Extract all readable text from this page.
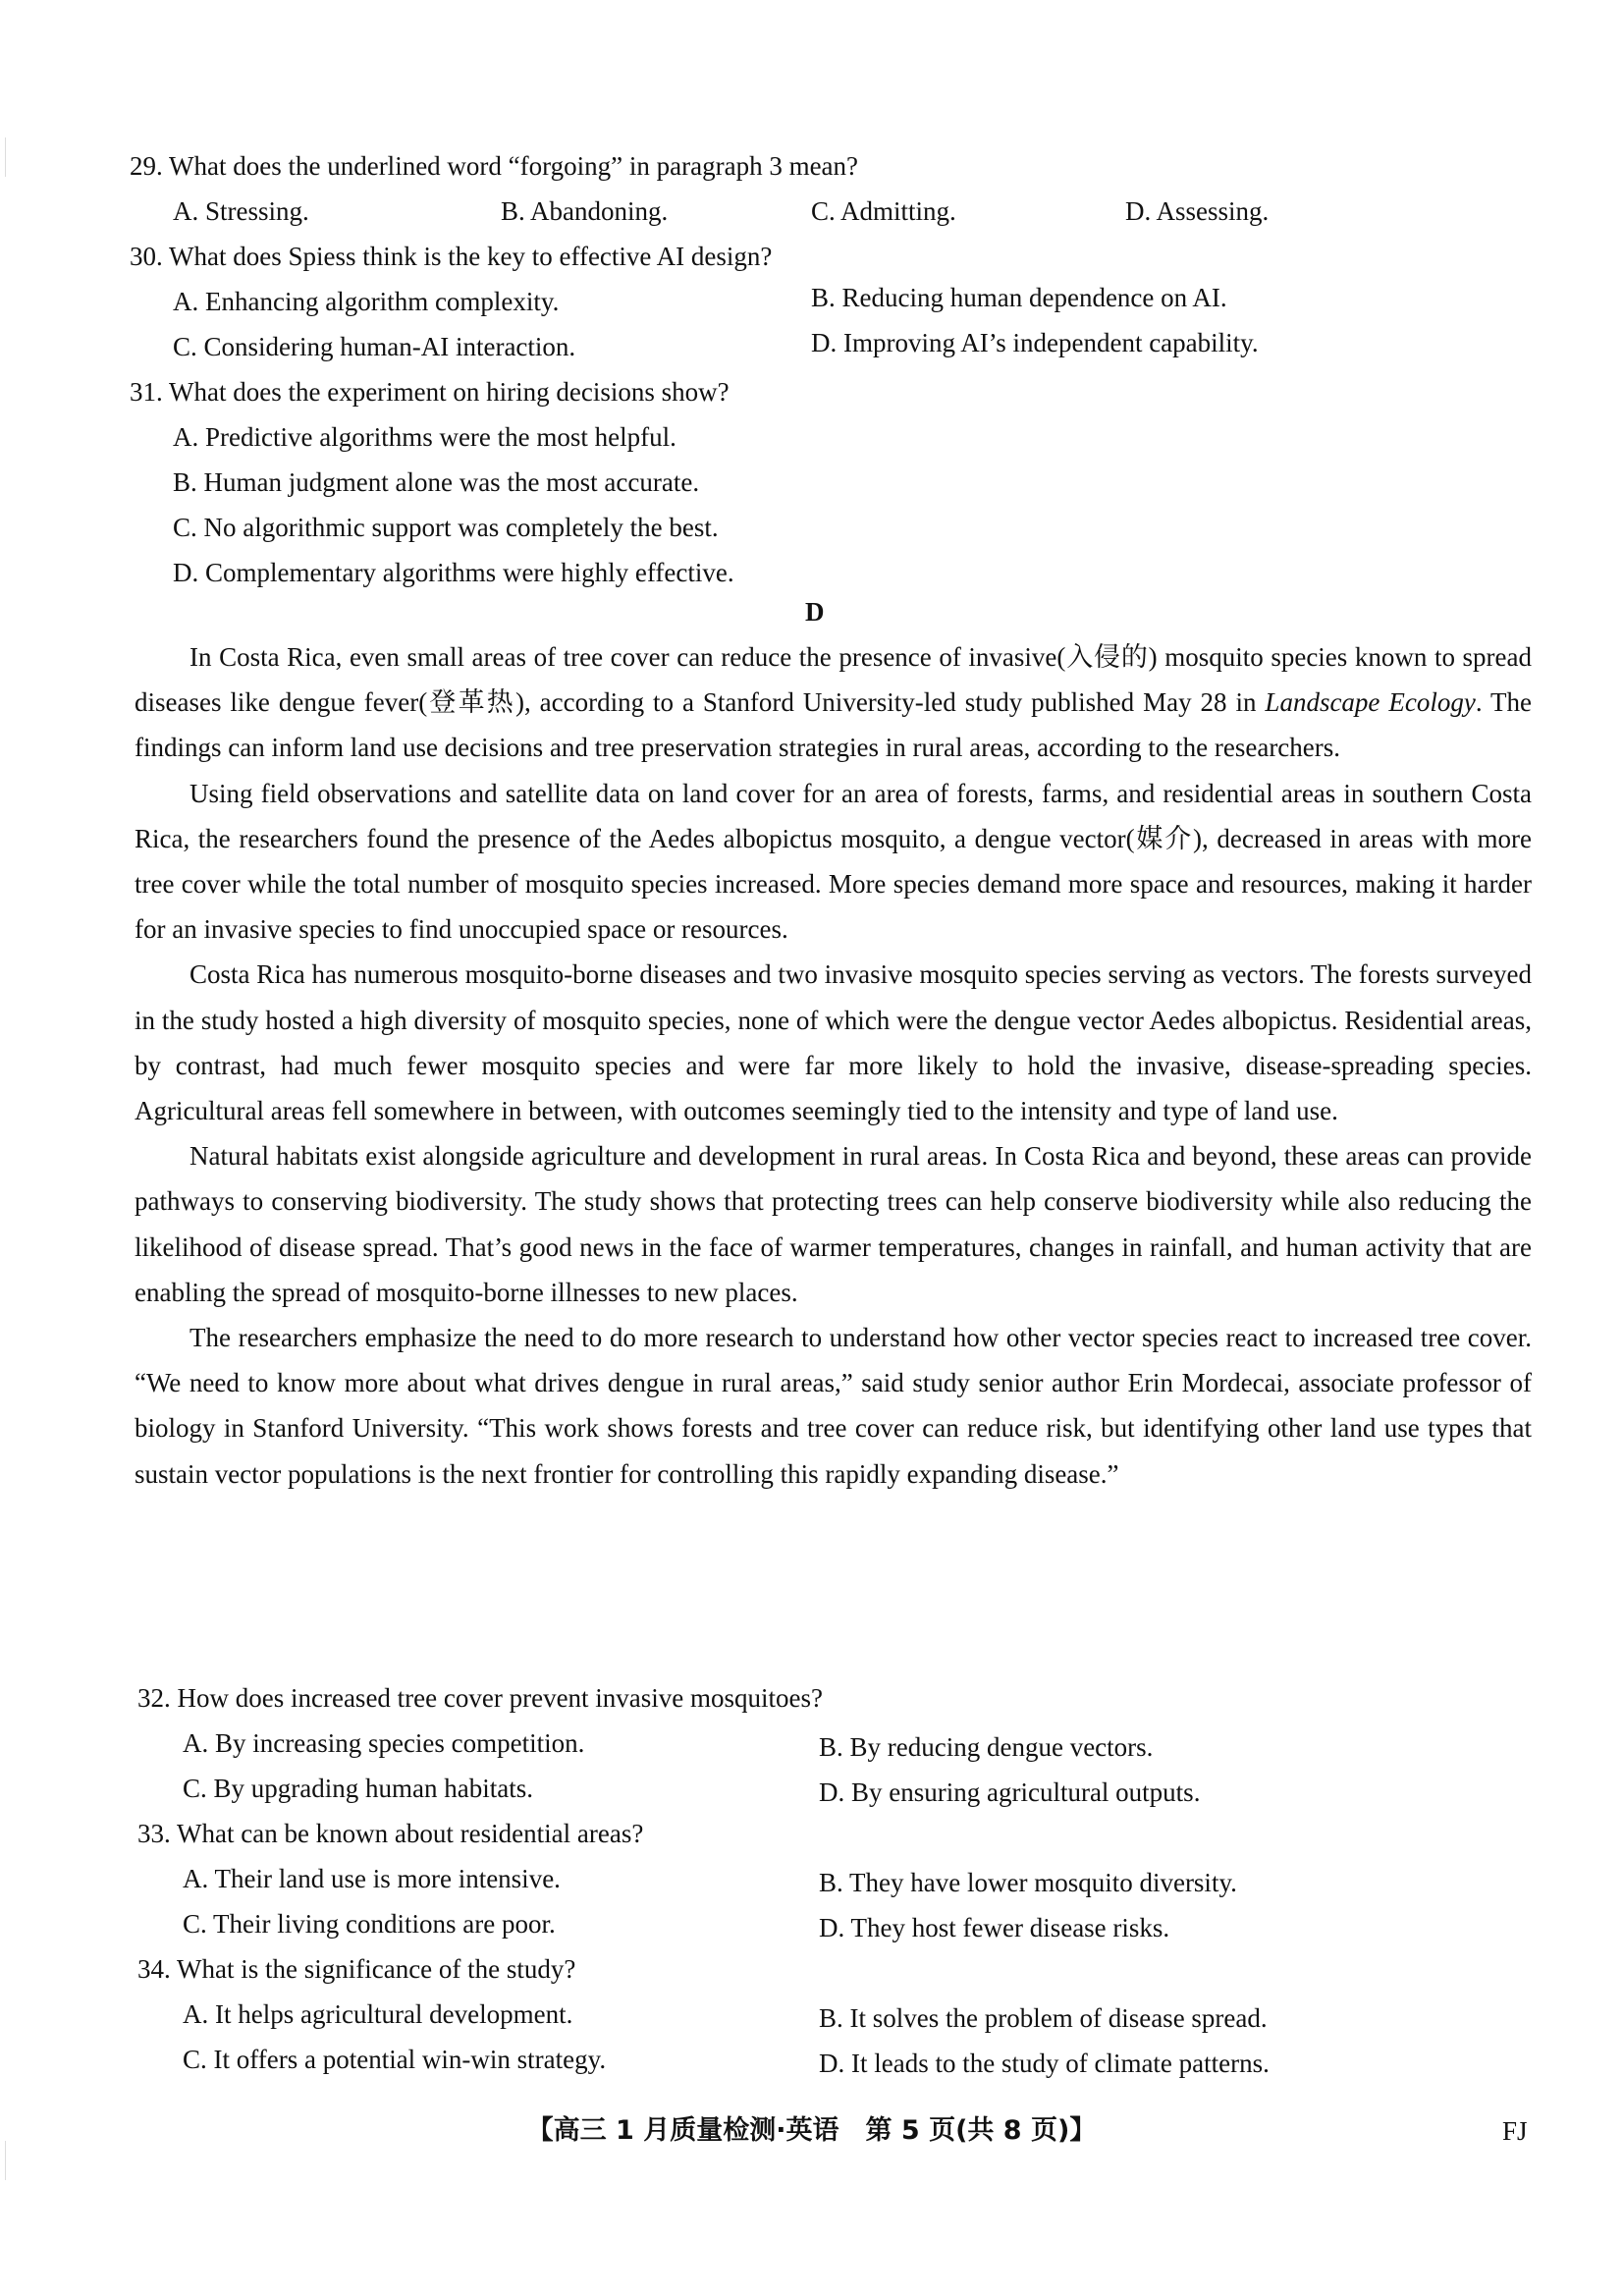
29. What does the underlined word “forgoing” in paragraph 3 mean?
A. Stressing.	B. Abandoning.	C. Admitting.	D. Assessing.
30. What does Spiess think is the key to effective AI design?
A. Enhancing algorithm complexity.	B. Reducing human dependence on AI.
C. Considering human-AI interaction.	D. Improving AI’s independent capability.
31. What does the experiment on hiring decisions show?
A. Predictive algorithms were the most helpful.
B. Human judgment alone was the most accurate.
C. No algorithmic support was completely the best.
D. Complementary algorithms were highly effective.
D

In Costa Rica, even small areas of tree cover can reduce the presence of invasive(入侵的) mosquito species known to spread diseases like dengue fever(登革热), according to a Stanford University-led study published May 28 in Landscape Ecology. The findings can inform land use decisions and tree preservation strategies in rural areas, according to the researchers.

Using field observations and satellite data on land cover for an area of forests, farms, and residential areas in southern Costa Rica, the researchers found the presence of the Aedes albopictus mosquito, a dengue vector(媒介), decreased in areas with more tree cover while the total number of mosquito species increased. More species demand more space and resources, making it harder for an invasive species to find unoccupied space or resources.

Costa Rica has numerous mosquito-borne diseases and two invasive mosquito species serving as vectors. The forests surveyed in the study hosted a high diversity of mosquito species, none of which were the dengue vector Aedes albopictus. Residential areas, by contrast, had much fewer mosquito species and were far more likely to hold the invasive, disease-spreading species. Agricultural areas fell somewhere in between, with outcomes seemingly tied to the intensity and type of land use.

Natural habitats exist alongside agriculture and development in rural areas. In Costa Rica and beyond, these areas can provide pathways to conserving biodiversity. The study shows that protecting trees can help conserve biodiversity while also reducing the likelihood of disease spread. That’s good news in the face of warmer temperatures, changes in rainfall, and human activity that are enabling the spread of mosquito-borne illnesses to new places.

The researchers emphasize the need to do more research to understand how other vector species react to increased tree cover. “We need to know more about what drives dengue in rural areas,” said study senior author Erin Mordecai, associate professor of biology in Stanford University. “This work shows forests and tree cover can reduce risk, but identifying other land use types that sustain vector populations is the next frontier for controlling this rapidly expanding disease.”

32. How does increased tree cover prevent invasive mosquitoes?
A. By increasing species competition.	B. By reducing dengue vectors.
C. By upgrading human habitats.	D. By ensuring agricultural outputs.
33. What can be known about residential areas?
A. Their land use is more intensive.	B. They have lower mosquito diversity.
C. Their living conditions are poor.	D. They host fewer disease risks.
34. What is the significance of the study?
A. It helps agricultural development.	B. It solves the problem of disease spread.
C. It offers a potential win-win strategy.	D. It leads to the study of climate patterns.
【高三 1 月质量检测·英语　第 5 页(共 8 页)】	FJ
